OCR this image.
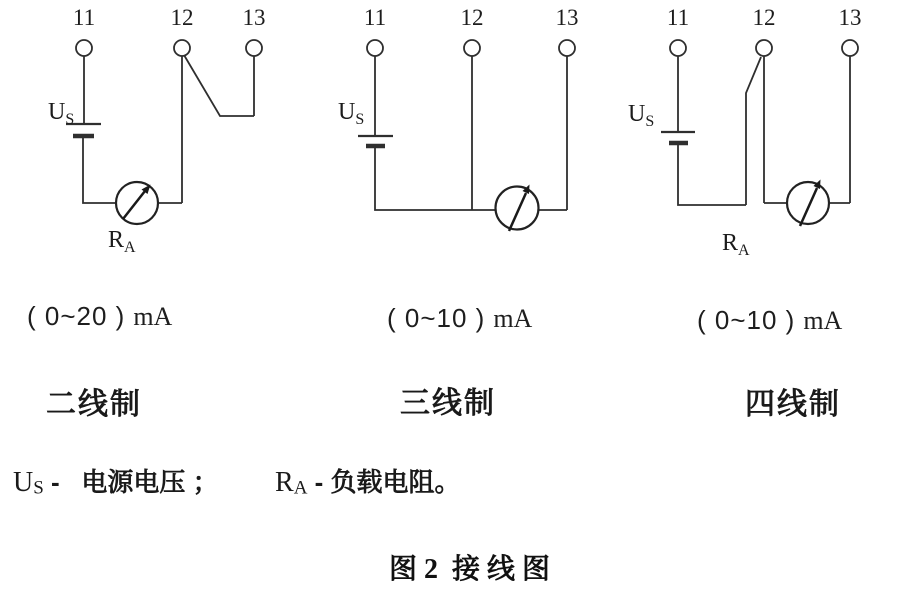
11	12 13
$U_S$
$R_A$
11	12	13
$U_S$
11	12	13
$U_S$
$R_A$
( 0~20 ) mA	( 0~10 ) mA	( 0~10 ) mA
二线制	三线制	四线制
$U_S$ -   电源电压 ； $R_A$ - 负载电阻。
图 2  接 线 图
